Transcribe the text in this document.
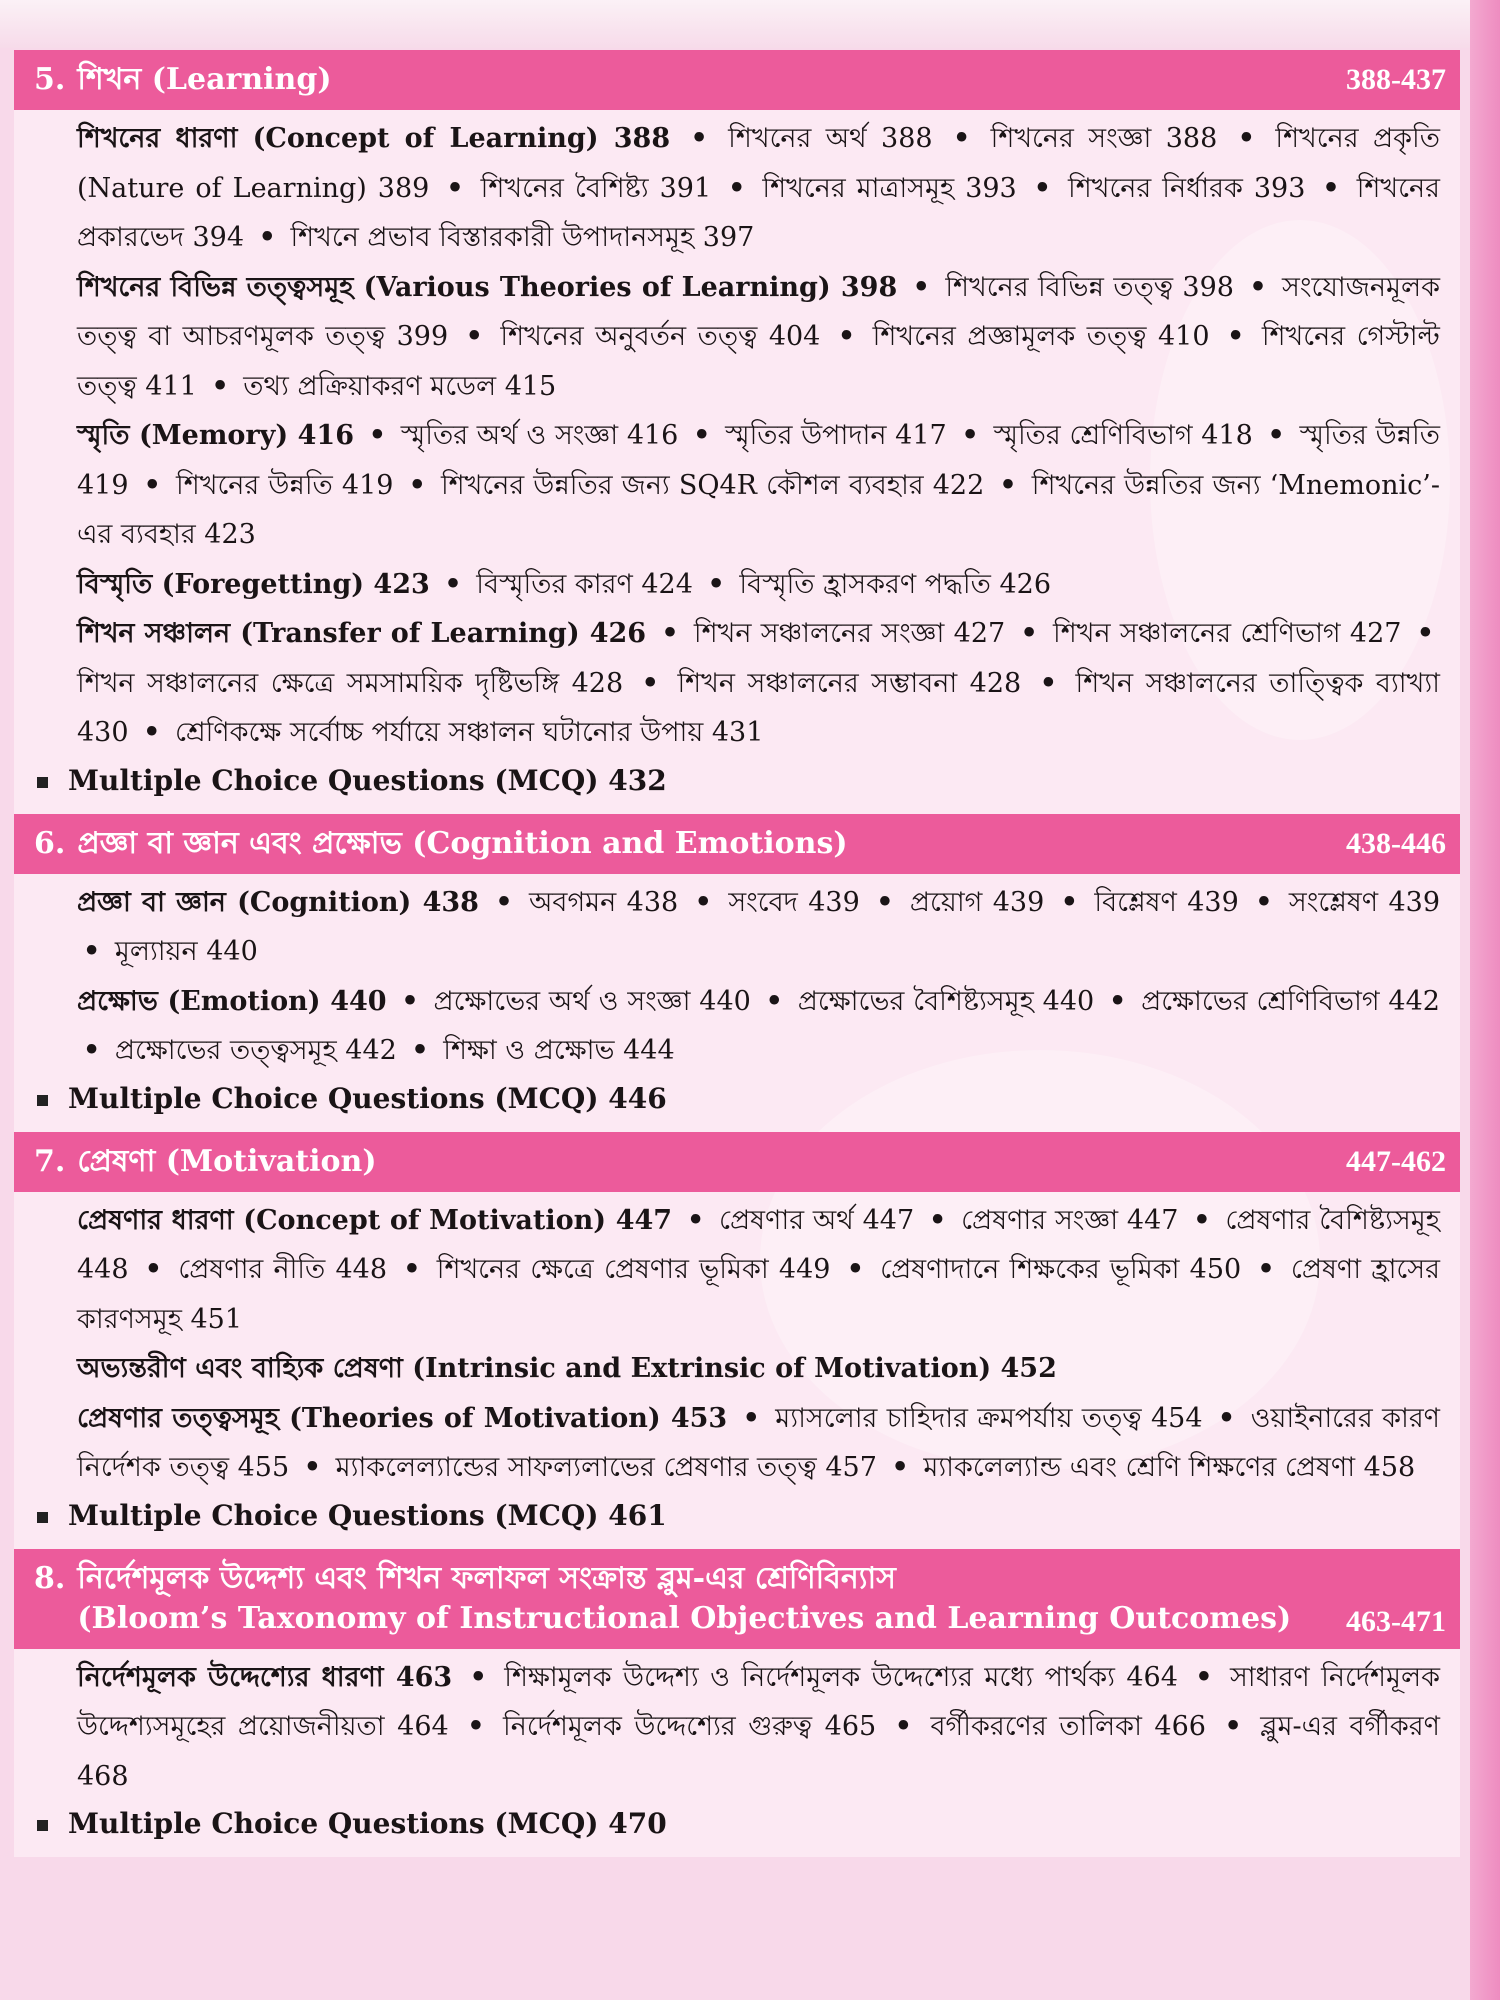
5. শিখন (Learning)	388-437

শিখনের ধারণা (Concept of Learning) 388 • শিখনের অর্থ 388 • শিখনের সংজ্ঞা 388 • শিখনের প্রকৃতি (Nature of Learning) 389 • শিখনের বৈশিষ্ট্য 391 • শিখনের মাত্রাসমূহ 393 • শিখনের নির্ধারক 393 • শিখনের প্রকারভেদ 394 • শিখনে প্রভাব বিস্তারকারী উপাদানসমূহ 397

শিখনের বিভিন্ন তত্ত্বসমূহ (Various Theories of Learning) 398 • শিখনের বিভিন্ন তত্ত্ব 398 • সংযোজনমূলক তত্ত্ব বা আচরণমূলক তত্ত্ব 399 • শিখনের অনুবর্তন তত্ত্ব 404 • শিখনের প্রজ্ঞামূলক তত্ত্ব 410 • শিখনের গেস্টাল্ট তত্ত্ব 411 • তথ্য প্রক্রিয়াকরণ মডেল 415

স্মৃতি (Memory) 416 • স্মৃতির অর্থ ও সংজ্ঞা 416 • স্মৃতির উপাদান 417 • স্মৃতির শ্রেণিবিভাগ 418 • স্মৃতির উন্নতি 419 • শিখনের উন্নতি 419 • শিখনের উন্নতির জন্য SQ4R কৌশল ব্যবহার 422 • শিখনের উন্নতির জন্য ‘Mnemonic’-এর ব্যবহার 423

বিস্মৃতি (Foregetting) 423 • বিস্মৃতির কারণ 424 • বিস্মৃতি হ্রাসকরণ পদ্ধতি 426

শিখন সঞ্চালন (Transfer of Learning) 426 • শিখন সঞ্চালনের সংজ্ঞা 427 • শিখন সঞ্চালনের শ্রেণিভাগ 427 • শিখন সঞ্চালনের ক্ষেত্রে সমসাময়িক দৃষ্টিভঙ্গি 428 • শিখন সঞ্চালনের সম্ভাবনা 428 • শিখন সঞ্চালনের তাত্ত্বিক ব্যাখ্যা 430 • শ্রেণিকক্ষে সর্বোচ্চ পর্যায়ে সঞ্চালন ঘটানোর উপায় 431

Multiple Choice Questions (MCQ) 432
6. প্রজ্ঞা বা জ্ঞান এবং প্রক্ষোভ (Cognition and Emotions)	438-446

প্রজ্ঞা বা জ্ঞান (Cognition) 438 • অবগমন 438 • সংবেদ 439 • প্রয়োগ 439 • বিশ্লেষণ 439 • সংশ্লেষণ 439 • মূল্যায়ন 440

প্রক্ষোভ (Emotion) 440 • প্রক্ষোভের অর্থ ও সংজ্ঞা 440 • প্রক্ষোভের বৈশিষ্ট্যসমূহ 440 • প্রক্ষোভের শ্রেণিবিভাগ 442 • প্রক্ষোভের তত্ত্বসমূহ 442 • শিক্ষা ও প্রক্ষোভ 444

Multiple Choice Questions (MCQ) 446
7. প্রেষণা (Motivation)	447-462

প্রেষণার ধারণা (Concept of Motivation) 447 • প্রেষণার অর্থ 447 • প্রেষণার সংজ্ঞা 447 • প্রেষণার বৈশিষ্ট্যসমূহ 448 • প্রেষণার নীতি 448 • শিখনের ক্ষেত্রে প্রেষণার ভূমিকা 449 • প্রেষণাদানে শিক্ষকের ভূমিকা 450 • প্রেষণা হ্রাসের কারণসমূহ 451

অভ্যন্তরীণ এবং বাহ্যিক প্রেষণা (Intrinsic and Extrinsic of Motivation) 452

প্রেষণার তত্ত্বসমূহ (Theories of Motivation) 453 • ম্যাসলোর চাহিদার ক্রমপর্যায় তত্ত্ব 454 • ওয়াইনারের কারণ নির্দেশক তত্ত্ব 455 • ম্যাকলেল্যান্ডের সাফল্যলাভের প্রেষণার তত্ত্ব 457 • ম্যাকলেল্যান্ড এবং শ্রেণি শিক্ষণের প্রেষণা 458

Multiple Choice Questions (MCQ) 461
8. নির্দেশমূলক উদ্দেশ্য এবং শিখন ফলাফল সংক্রান্ত ব্লুম-এর শ্রেণিবিন্যাস
(Bloom’s Taxonomy of Instructional Objectives and Learning Outcomes) 463-471

নির্দেশমূলক উদ্দেশ্যের ধারণা 463 • শিক্ষামূলক উদ্দেশ্য ও নির্দেশমূলক উদ্দেশ্যের মধ্যে পার্থক্য 464 • সাধারণ নির্দেশমূলক উদ্দেশ্যসমূহের প্রয়োজনীয়তা 464 • নির্দেশমূলক উদ্দেশ্যের গুরুত্ব 465 • বর্গীকরণের তালিকা 466 • ব্লুম-এর বর্গীকরণ 468

Multiple Choice Questions (MCQ) 470
